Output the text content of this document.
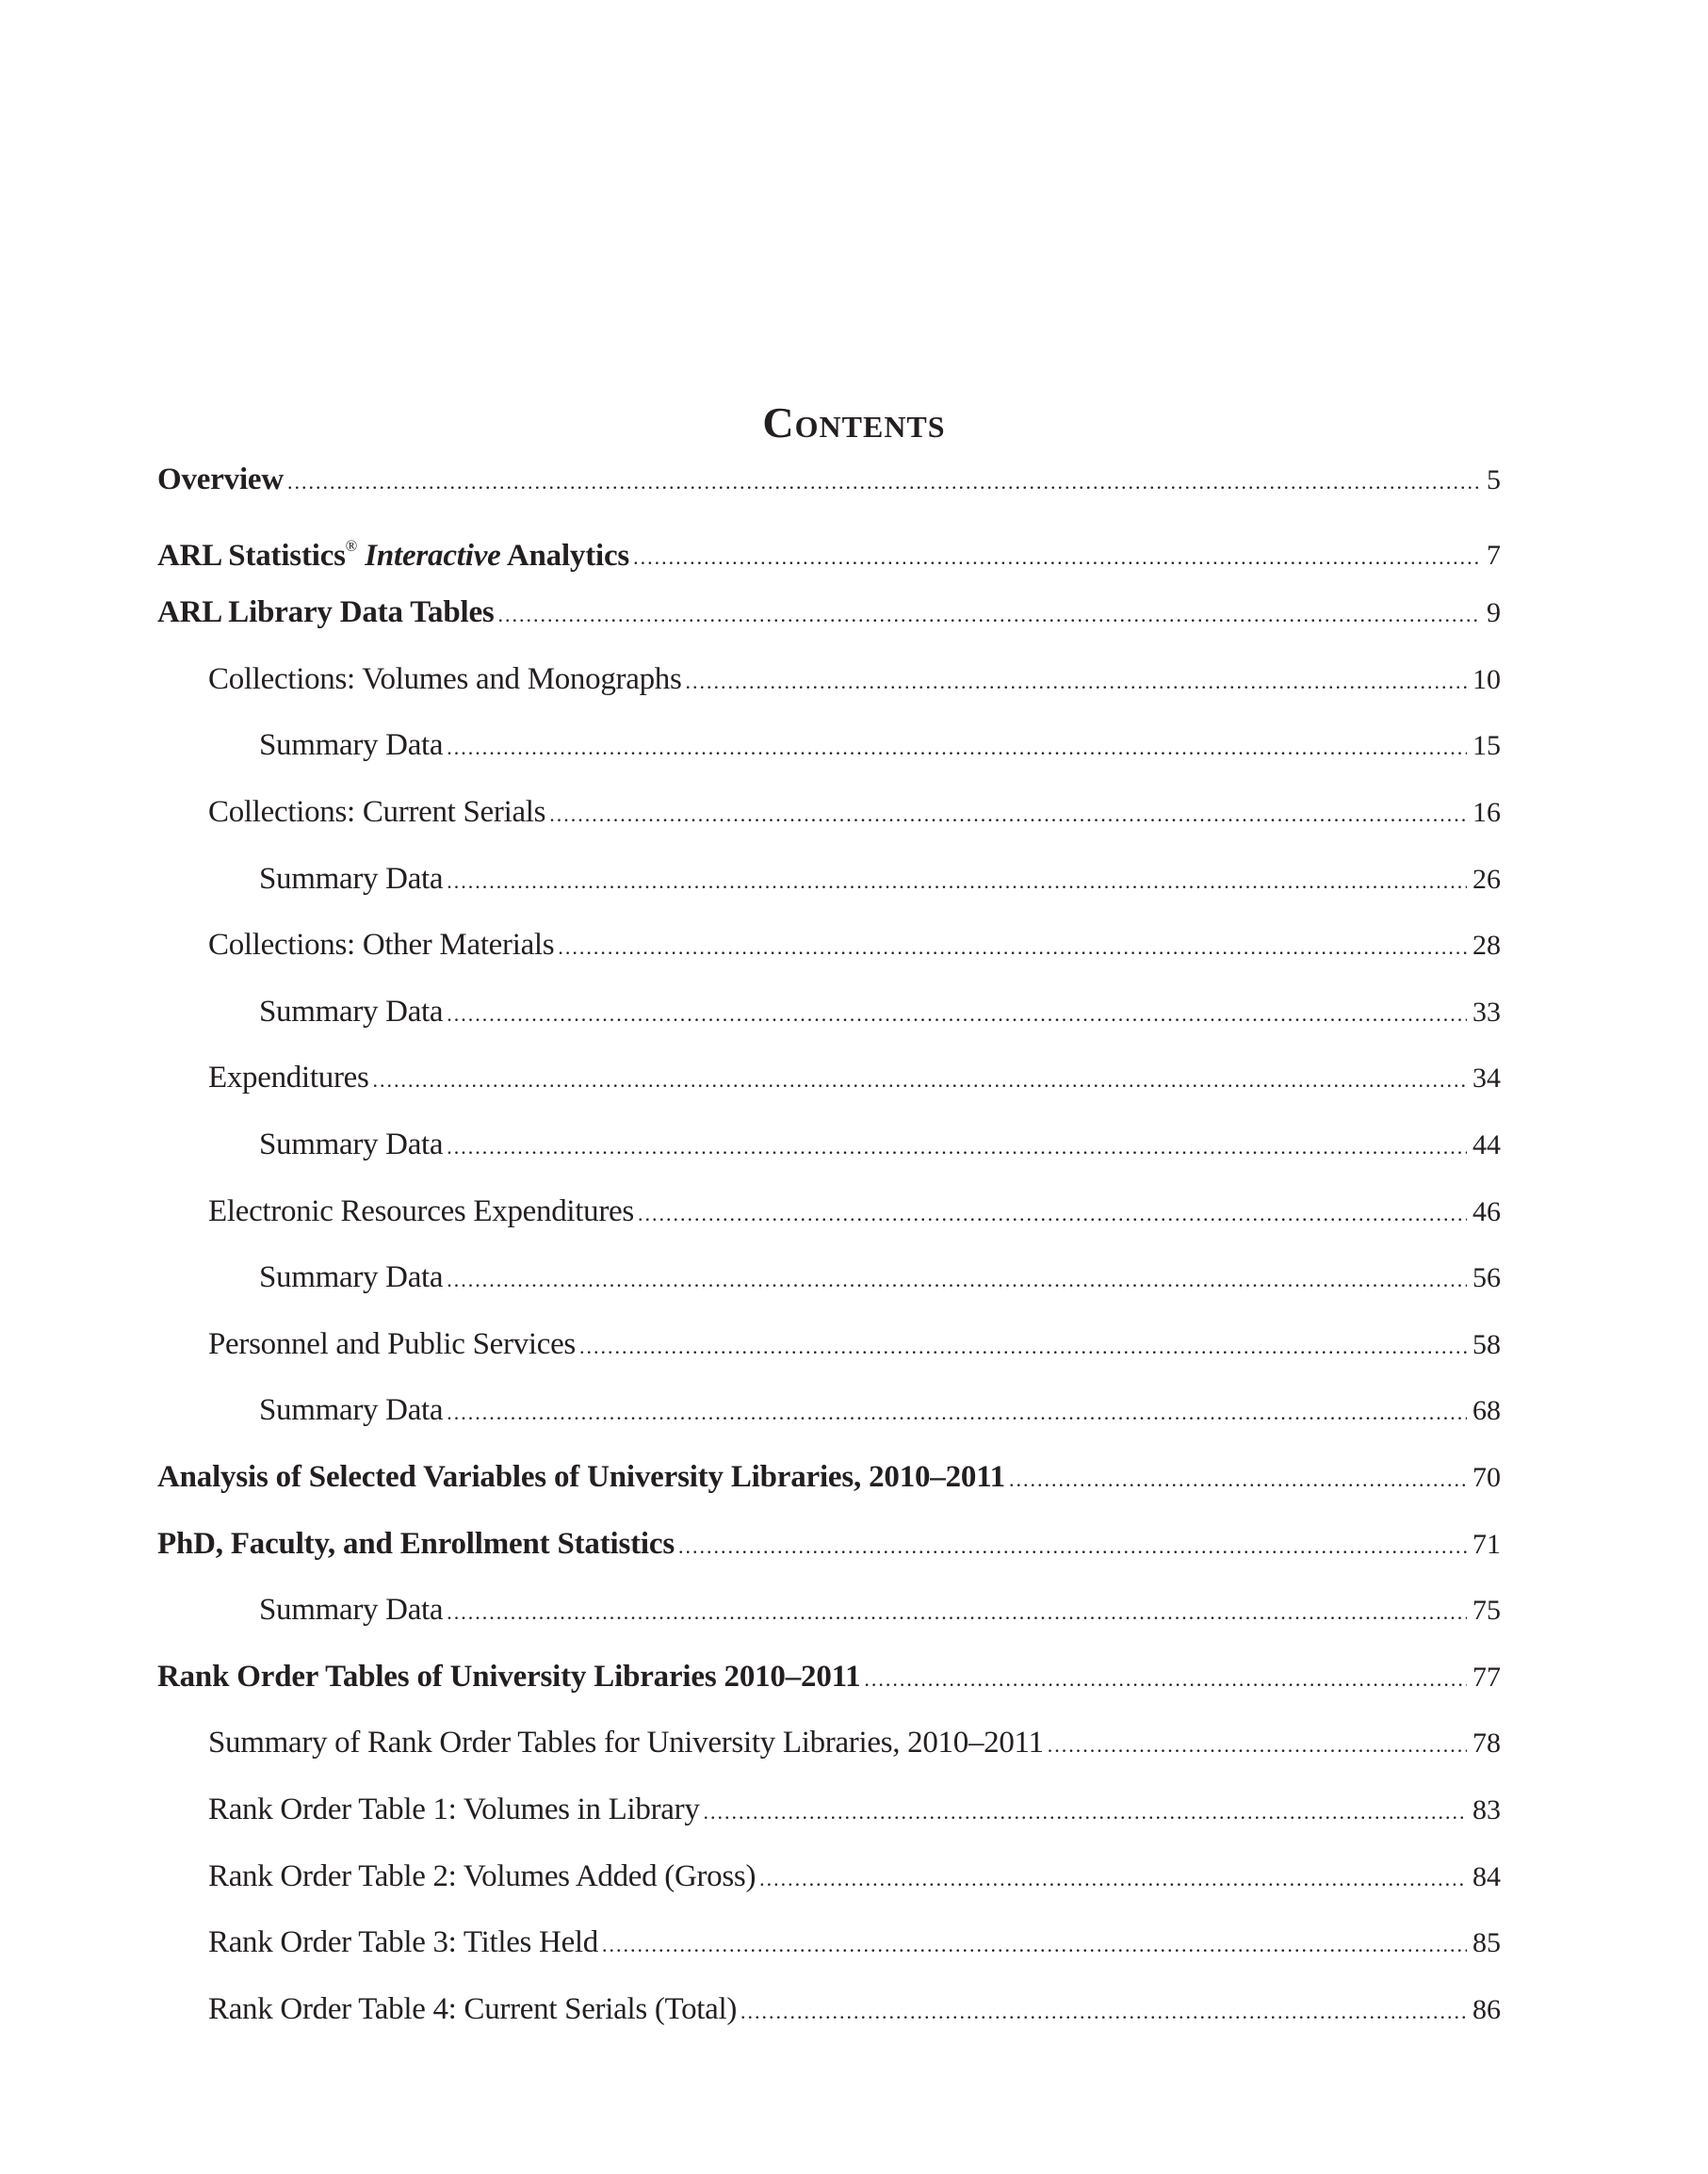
Contents
Overview .....	5
ARL Statistics® Interactive Analytics .....	7
ARL Library Data Tables .....	9
Collections: Volumes and Monographs .....	10
Summary Data .....	15
Collections: Current Serials .....	16
Summary Data .....	26
Collections: Other Materials .....	28
Summary Data .....	33
Expenditures .....	34
Summary Data .....	44
Electronic Resources Expenditures .....	46
Summary Data .....	56
Personnel and Public Services .....	58
Summary Data .....	68
Analysis of Selected Variables of University Libraries, 2010–2011 .....	70
PhD, Faculty, and Enrollment Statistics .....	71
Summary Data .....	75
Rank Order Tables of University Libraries 2010–2011 .....	77
Summary of Rank Order Tables for University Libraries, 2010–2011 .....	78
Rank Order Table 1: Volumes in Library .....	83
Rank Order Table 2: Volumes Added (Gross) .....	84
Rank Order Table 3: Titles Held .....	85
Rank Order Table 4: Current Serials (Total) .....	86
